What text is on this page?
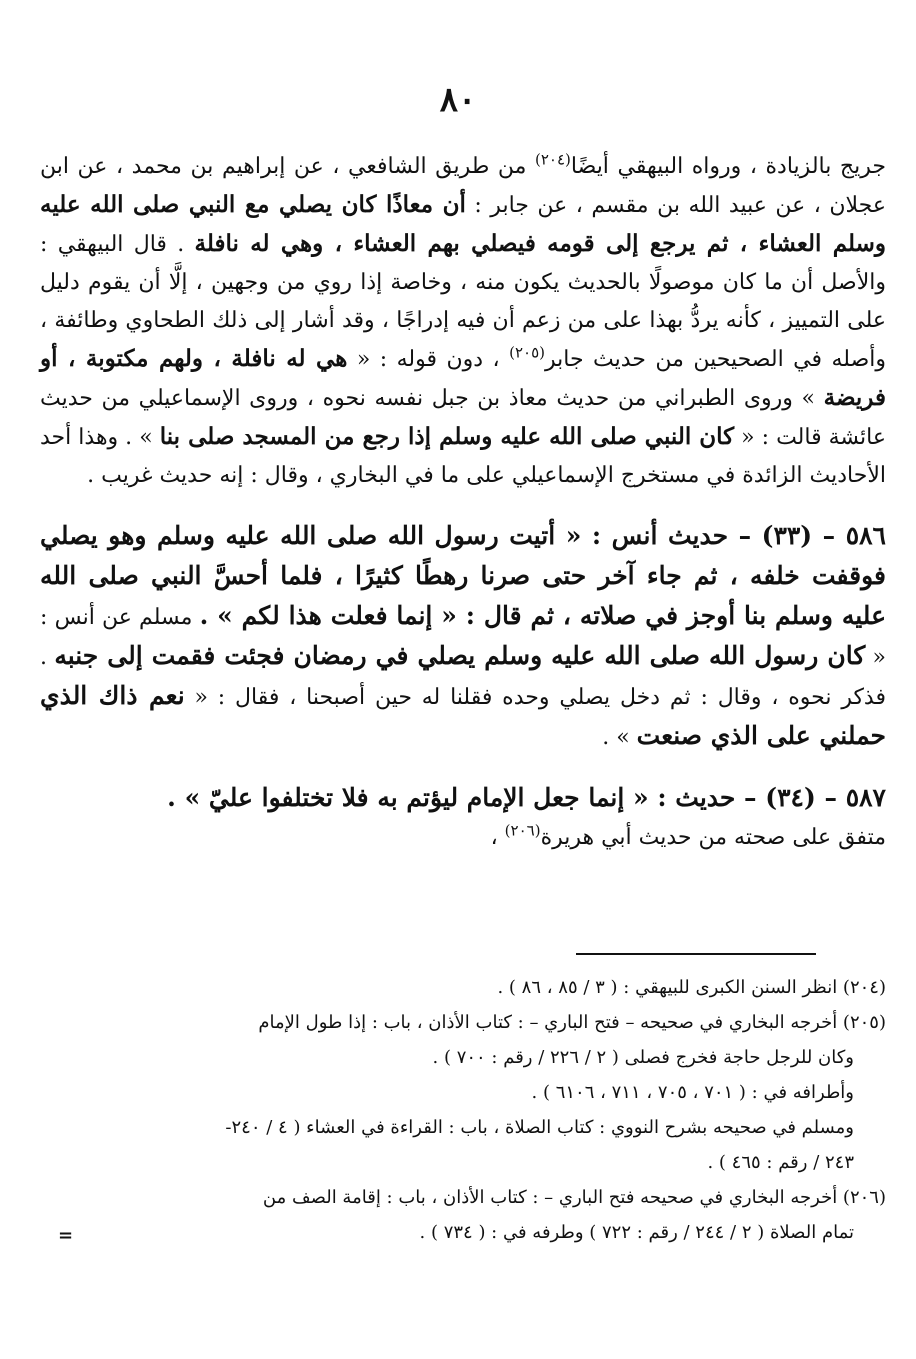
٨٠

جريج بالزيادة ، ورواه البيهقي أيضًا$^{(٢٠٤)}$ من طريق الشافعي ، عن إبراهيم بن محمد ، عن ابن عجلان ، عن عبيد الله بن مقسم ، عن جابر : أن معاذًا كان يصلي مع النبي صلى الله عليه وسلم العشاء ، ثم يرجع إلى قومه فيصلي بهم العشاء ، وهي له نافلة . قال البيهقي : والأصل أن ما كان موصولًا بالحديث يكون منه ، وخاصة إذا روي من وجهين ، إلَّا أن يقوم دليل على التمييز ، كأنه يردُّ بهذا على من زعم أن فيه إدراجًا ، وقد أشار إلى ذلك الطحاوي وطائفة ، وأصله في الصحيحين من حديث جابر$^{(٢٠٥)}$ ، دون قوله : « هي له نافلة ، ولهم مكتوبة ، أو فريضة » وروى الطبراني من حديث معاذ بن جبل نفسه نحوه ، وروى الإسماعيلي من حديث عائشة قالت : « كان النبي صلى الله عليه وسلم إذا رجع من المسجد صلى بنا » . وهذا أحد الأحاديث الزائدة في مستخرج الإسماعيلي على ما في البخاري ، وقال : إنه حديث غريب .

٥٨٦ – (٣٣) – حديث أنس : « أتيت رسول الله صلى الله عليه وسلم وهو يصلي فوقفت خلفه ، ثم جاء آخر حتى صرنا رهطًا كثيرًا ، فلما أحسَّ النبي صلى الله عليه وسلم بنا أوجز في صلاته ، ثم قال : « إنما فعلت هذا لكم » . مسلم عن أنس : « كان رسول الله صلى الله عليه وسلم يصلي في رمضان فجئت فقمت إلى جنبه . فذكر نحوه ، وقال : ثم دخل يصلي وحده فقلنا له حين أصبحنا ، فقال : « نعم ذاك الذي حملني على الذي صنعت » .

٥٨٧ – (٣٤) – حديث : « إنما جعل الإمام ليؤتم به فلا تختلفوا عليّ » .
متفق على صحته من حديث أبي هريرة$^{(٢٠٦)}$ ،

(٢٠٤) انظر السنن الكبرى للبيهقي : ( ٣ / ٨٥ ، ٨٦ ) .
(٢٠٥) أخرجه البخاري في صحيحه – فتح الباري – : كتاب الأذان ، باب : إذا طول الإمام
وكان للرجل حاجة فخرج فصلى ( ٢ / ٢٢٦ / رقم : ٧٠٠ ) .
وأطرافه في : ( ٧٠١ ، ٧٠٥ ، ٧١١ ، ٦١٠٦ ) .
ومسلم في صحيحه بشرح النووي : كتاب الصلاة ، باب : القراءة في العشاء ( ٤ / ٢٤٠-
٢٤٣ / رقم : ٤٦٥ ) .
(٢٠٦) أخرجه البخاري في صحيحه فتح الباري – : كتاب الأذان ، باب : إقامة الصف من
تمام الصلاة ( ٢ / ٢٤٤ / رقم : ٧٢٢ ) وطرفه في : ( ٧٣٤ ) .
=
